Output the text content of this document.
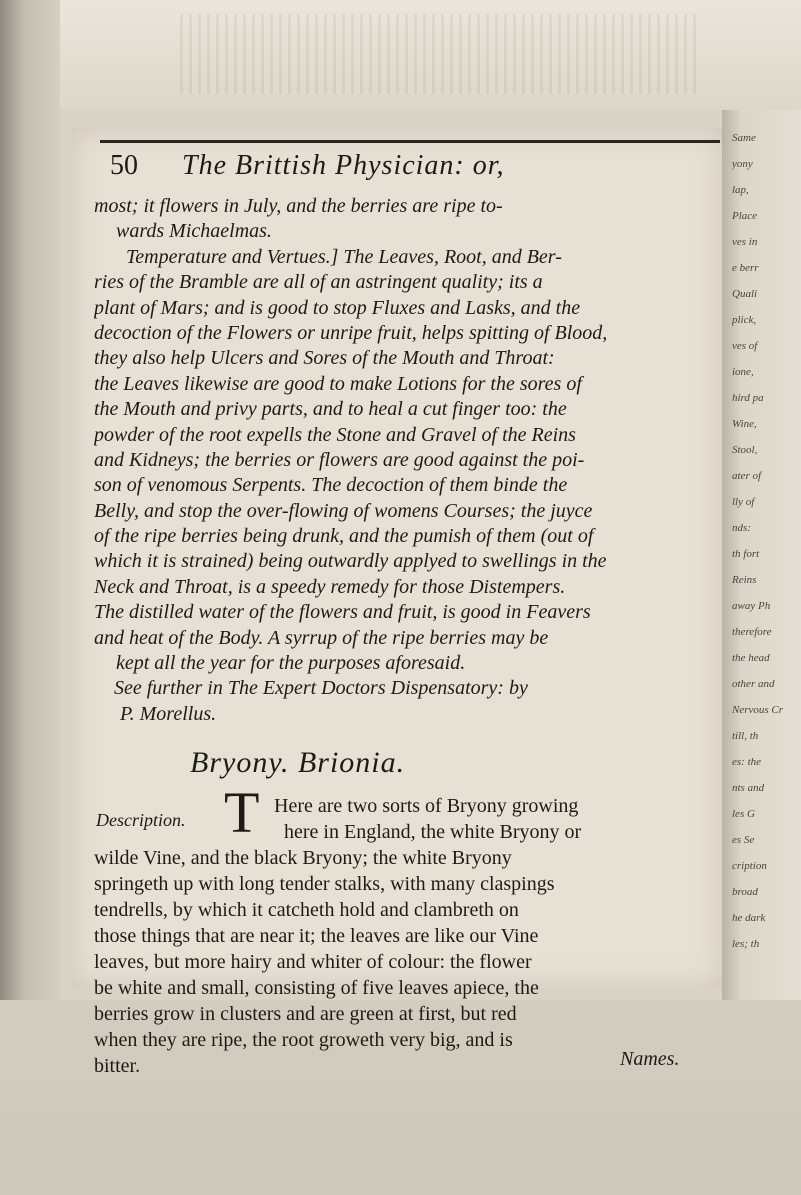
Same
yony
lap,
Place
ves in
e berr
Quali
plick,
ves of
ione,
hird pa
Wine,
Stool,
ater of
lly of
nds:
th fort
Reins
away Ph
therefore
the head
other and
Nervous Cr
till, th
es: the
nts and
les G
es Se
cription
broad
he dark
les; th
50 The Brittish Physician: or,
most; it flowers in July, and the berries are ripe to-
wards Michaelmas.
Temperature and Vertues.] The Leaves, Root, and Ber-
ries of the Bramble are all of an astringent quality; its a
plant of Mars; and is good to stop Fluxes and Lasks, and the
decoction of the Flowers or unripe fruit, helps spitting of Blood,
they also help Ulcers and Sores of the Mouth and Throat:
the Leaves likewise are good to make Lotions for the sores of
the Mouth and privy parts, and to heal a cut finger too: the
powder of the root expells the Stone and Gravel of the Reins
and Kidneys; the berries or flowers are good against the poi-
son of venomous Serpents. The decoction of them binde the
Belly, and stop the over-flowing of womens Courses; the juyce
of the ripe berries being drunk, and the pumish of them (out of
which it is strained) being outwardly applyed to swellings in the
Neck and Throat, is a speedy remedy for those Distempers.
The distilled water of the flowers and fruit, is good in Feavers
and heat of the Body. A syrrup of the ripe berries may be
kept all the year for the purposes aforesaid.
See further in The Expert Doctors Dispensatory: by
P. Morellus.
Bryony. Brionia.
Description. T Here are two sorts of Bryony growing
here in England, the white Bryony or
wilde Vine, and the black Bryony; the white Bryony
springeth up with long tender stalks, with many claspings
tendrells, by which it catcheth hold and clambreth on
those things that are near it; the leaves are like our Vine
leaves, but more hairy and whiter of colour: the flower
be white and small, consisting of five leaves apiece, the
berries grow in clusters and are green at first, but red
when they are ripe, the root groweth very big, and is
bitter.	Names.
